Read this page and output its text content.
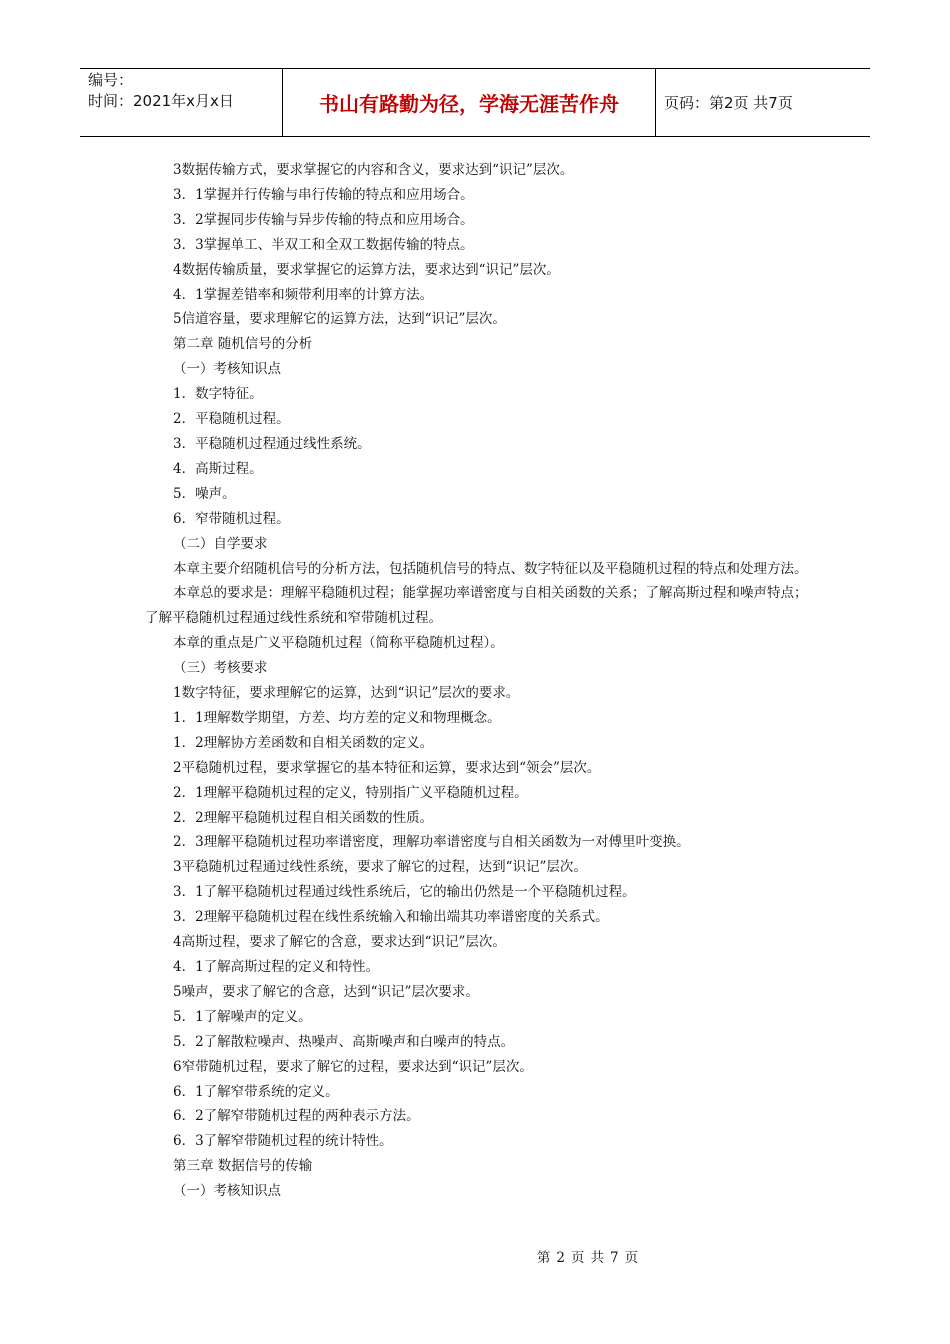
编号：
时间：2021年x月x日	书山有路勤为径，学海无涯苦作舟	页码：第2页 共7页

3数据传输方式，要求掌握它的内容和含义，要求达到“识记”层次。

3．1掌握并行传输与串行传输的特点和应用场合。

3．2掌握同步传输与异步传输的特点和应用场合。

3．3掌握单工、半双工和全双工数据传输的特点。

4数据传输质量，要求掌握它的运算方法，要求达到“识记”层次。

4．1掌握差错率和频带利用率的计算方法。

5信道容量，要求理解它的运算方法，达到“识记”层次。

第二章 随机信号的分析

（一）考核知识点

1．数字特征。

2．平稳随机过程。

3．平稳随机过程通过线性系统。

4．高斯过程。

5．噪声。

6．窄带随机过程。

（二）自学要求

本章主要介绍随机信号的分析方法，包括随机信号的特点、数字特征以及平稳随机过程的特点和处理方法。

本章总的要求是：理解平稳随机过程；能掌握功率谱密度与自相关函数的关系；了解高斯过程和噪声特点；了解平稳随机过程通过线性系统和窄带随机过程。

本章的重点是广义平稳随机过程（简称平稳随机过程）。

（三）考核要求

1数字特征，要求理解它的运算，达到“识记”层次的要求。

1．1理解数学期望，方差、均方差的定义和物理概念。

1．2理解协方差函数和自相关函数的定义。

2平稳随机过程，要求掌握它的基本特征和运算，要求达到“领会”层次。

2．1理解平稳随机过程的定义，特别指广义平稳随机过程。

2．2理解平稳随机过程自相关函数的性质。

2．3理解平稳随机过程功率谱密度，理解功率谱密度与自相关函数为一对傅里叶变换。

3平稳随机过程通过线性系统，要求了解它的过程，达到“识记”层次。

3．1了解平稳随机过程通过线性系统后，它的输出仍然是一个平稳随机过程。

3．2理解平稳随机过程在线性系统输入和输出端其功率谱密度的关系式。

4高斯过程，要求了解它的含意，要求达到“识记”层次。

4．1了解高斯过程的定义和特性。

5噪声，要求了解它的含意，达到“识记”层次要求。

5．1了解噪声的定义。

5．2了解散粒噪声、热噪声、高斯噪声和白噪声的特点。

6窄带随机过程，要求了解它的过程，要求达到“识记”层次。

6．1了解窄带系统的定义。

6．2了解窄带随机过程的两种表示方法。

6．3了解窄带随机过程的统计特性。

第三章 数据信号的传输

（一）考核知识点

第 2 页 共 7 页
